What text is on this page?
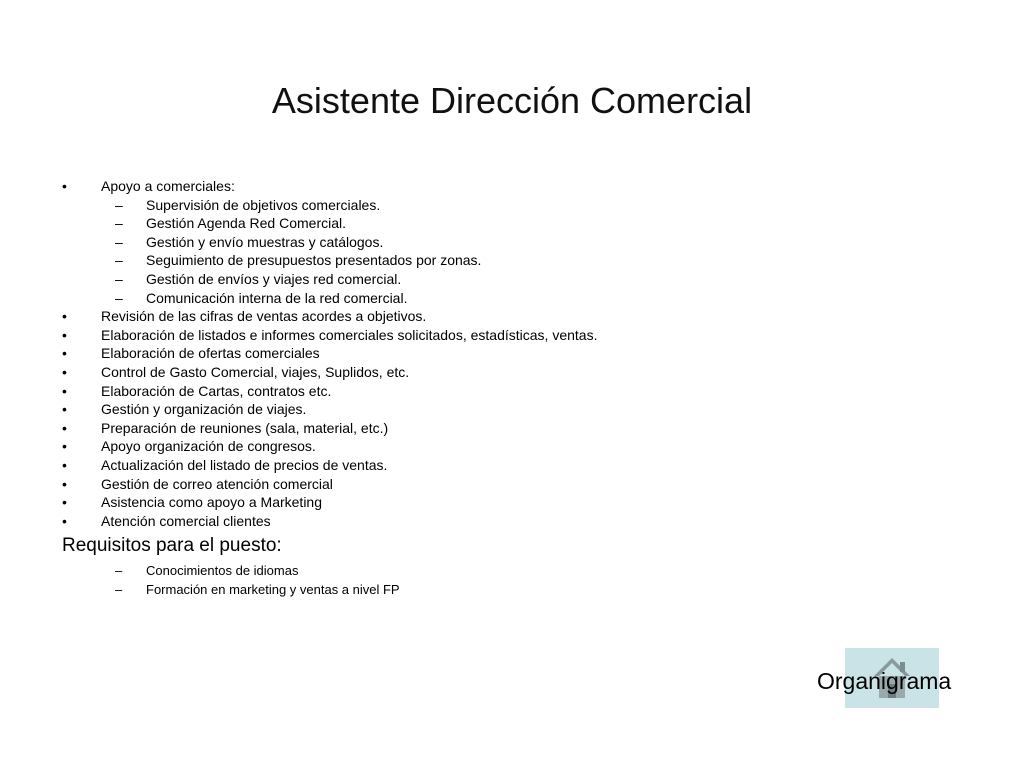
Asistente Dirección Comercial
• Apoyo a comerciales:
– Supervisión de objetivos comerciales.
– Gestión Agenda Red Comercial.
– Gestión y envío muestras y catálogos.
– Seguimiento de presupuestos presentados por zonas.
– Gestión de envíos y viajes red comercial.
– Comunicación interna de la red comercial.
• Revisión de las cifras de ventas acordes a objetivos.
• Elaboración de listados e informes comerciales solicitados, estadísticas, ventas.
• Elaboración de ofertas comerciales
• Control de Gasto Comercial, viajes, Suplidos, etc.
• Elaboración de Cartas, contratos etc.
• Gestión y organización de viajes.
• Preparación de reuniones (sala, material, etc.)
• Apoyo organización de congresos.
• Actualización del listado de precios de ventas.
• Gestión de correo atención comercial
• Asistencia como apoyo a Marketing
• Atención comercial clientes
Requisitos para el puesto:
– Conocimientos de idiomas
– Formación en marketing y ventas a nivel FP
Organigrama
